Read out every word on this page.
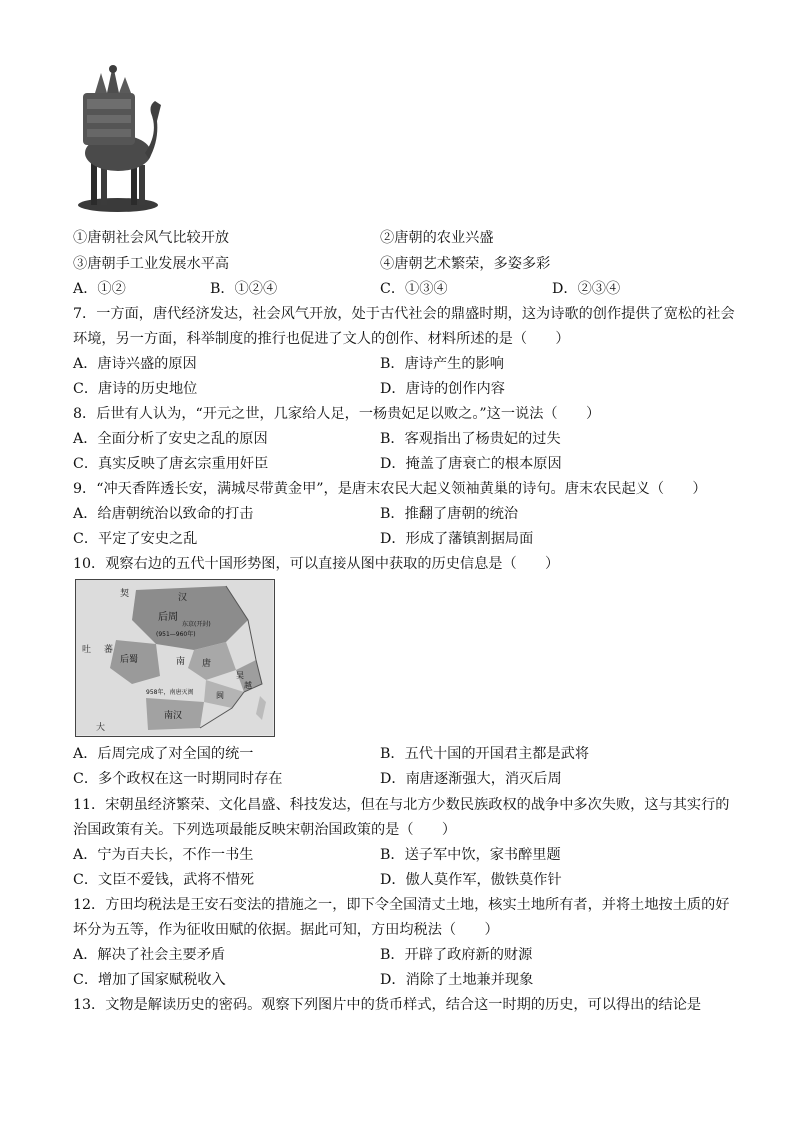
①唐朝社会风气比较开放	②唐朝的农业兴盛
③唐朝手工业发展水平高	④唐朝艺术繁荣，多姿多彩
A．①②	B．①②④	C．①③④	D．②③④
7．一方面，唐代经济发达，社会风气开放，处于古代社会的鼎盛时期，这为诗歌的创作提供了宽松的社会
环境，另一方面，科举制度的推行也促进了文人的创作、材料所述的是（　　）
A．唐诗兴盛的原因	B．唐诗产生的影响
C．唐诗的历史地位	D．唐诗的创作内容
8．后世有人认为，“开元之世，几家给人足，一杨贵妃足以败之。”这一说法（　　）
A．全面分析了安史之乱的原因	B．客观指出了杨贵妃的过失
C．真实反映了唐玄宗重用奸臣	D．掩盖了唐衰亡的根本原因
9．“冲天香阵透长安，满城尽带黄金甲”，是唐末农民大起义领袖黄巢的诗句。唐末农民起义（　　）
A．给唐朝统治以致命的打击	B．推翻了唐朝的统治
C．平定了安史之乱	D．形成了藩镇割据局面
10．观察右边的五代十国形势图，可以直接从图中获取的历史信息是（　　）
契	汉
后周
东京(开封)
(951—960年)
吐 蕃
后蜀	南 唐
吴
越
闽
南汉
958年，南唐灭闽
大
A．后周完成了对全国的统一	B．五代十国的开国君主都是武将
C．多个政权在这一时期同时存在	D．南唐逐渐强大，消灭后周
11．宋朝虽经济繁荣、文化昌盛、科技发达，但在与北方少数民族政权的战争中多次失败，这与其实行的
治国政策有关。下列选项最能反映宋朝治国政策的是（　　）
A．宁为百夫长，不作一书生	B．送子军中饮，家书醉里题
C．文臣不爱钱，武将不惜死	D．傲人莫作军，傲铁莫作针
12．方田均税法是王安石变法的措施之一，即下令全国清丈土地，核实土地所有者，并将土地按土质的好
坏分为五等，作为征收田赋的依据。据此可知，方田均税法（　　）
A．解决了社会主要矛盾	B．开辟了政府新的财源
C．增加了国家赋税收入	D．消除了土地兼并现象
13．文物是解读历史的密码。观察下列图片中的货币样式，结合这一时期的历史，可以得出的结论是
